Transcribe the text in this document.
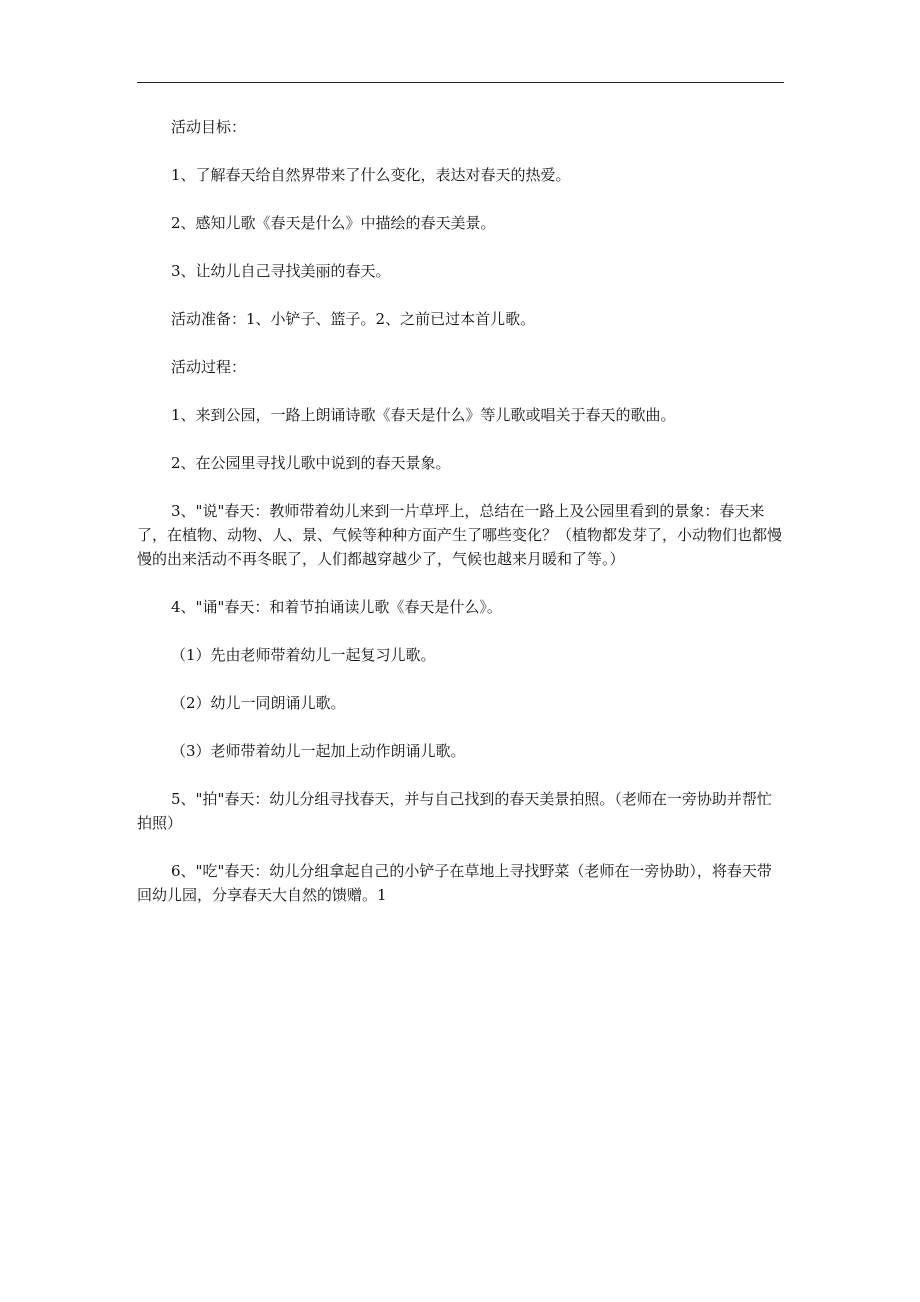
活动目标：

1、了解春天给自然界带来了什么变化，表达对春天的热爱。

2、感知儿歌《春天是什么》中描绘的春天美景。

3、让幼儿自己寻找美丽的春天。

活动准备：1、小铲子、篮子。2、之前已过本首儿歌。

活动过程：

1、来到公园，一路上朗诵诗歌《春天是什么》等儿歌或唱关于春天的歌曲。

2、在公园里寻找儿歌中说到的春天景象。

3、"说"春天：教师带着幼儿来到一片草坪上，总结在一路上及公园里看到的景象：春天来了，在植物、动物、人、景、气候等种种方面产生了哪些变化？（植物都发芽了，小动物们也都慢慢的出来活动不再冬眠了，人们都越穿越少了，气候也越来月暖和了等。）

4、"诵"春天：和着节拍诵读儿歌《春天是什么》。

（1）先由老师带着幼儿一起复习儿歌。

（2）幼儿一同朗诵儿歌。

（3）老师带着幼儿一起加上动作朗诵儿歌。

5、"拍"春天：幼儿分组寻找春天，并与自己找到的春天美景拍照。（老师在一旁协助并帮忙拍照）

6、"吃"春天：幼儿分组拿起自己的小铲子在草地上寻找野菜（老师在一旁协助），将春天带回幼儿园，分享春天大自然的馈赠。1
